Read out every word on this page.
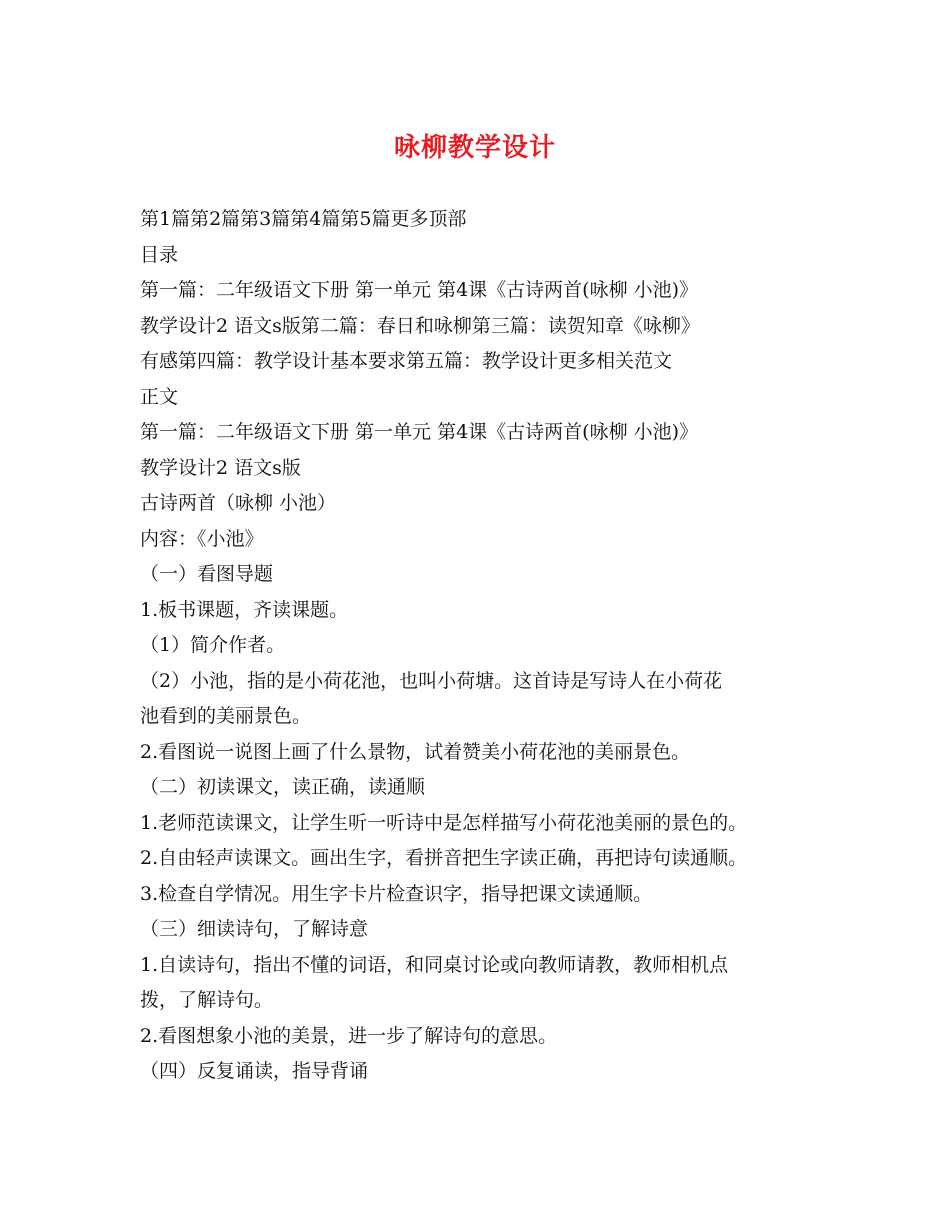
咏柳教学设计
第1篇第2篇第3篇第4篇第5篇更多顶部
目录
第一篇：二年级语文下册 第一单元 第4课《古诗两首(咏柳 小池)》
教学设计2 语文s版第二篇：春日和咏柳第三篇：读贺知章《咏柳》
有感第四篇：教学设计基本要求第五篇：教学设计更多相关范文
正文
第一篇：二年级语文下册 第一单元 第4课《古诗两首(咏柳 小池)》
教学设计2 语文s版
古诗两首（咏柳 小池）
内容：《小池》
（一）看图导题
1.板书课题，齐读课题。
（1）简介作者。
（2）小池，指的是小荷花池，也叫小荷塘。这首诗是写诗人在小荷花
池看到的美丽景色。
2.看图说一说图上画了什么景物，试着赞美小荷花池的美丽景色。
（二）初读课文，读正确，读通顺
1.老师范读课文，让学生听一听诗中是怎样描写小荷花池美丽的景色的。
2.自由轻声读课文。画出生字，看拼音把生字读正确，再把诗句读通顺。
3.检查自学情况。用生字卡片检查识字，指导把课文读通顺。
（三）细读诗句，了解诗意
1.自读诗句，指出不懂的词语，和同桌讨论或向教师请教，教师相机点
拨，了解诗句。
2.看图想象小池的美景，进一步了解诗句的意思。
（四）反复诵读，指导背诵
